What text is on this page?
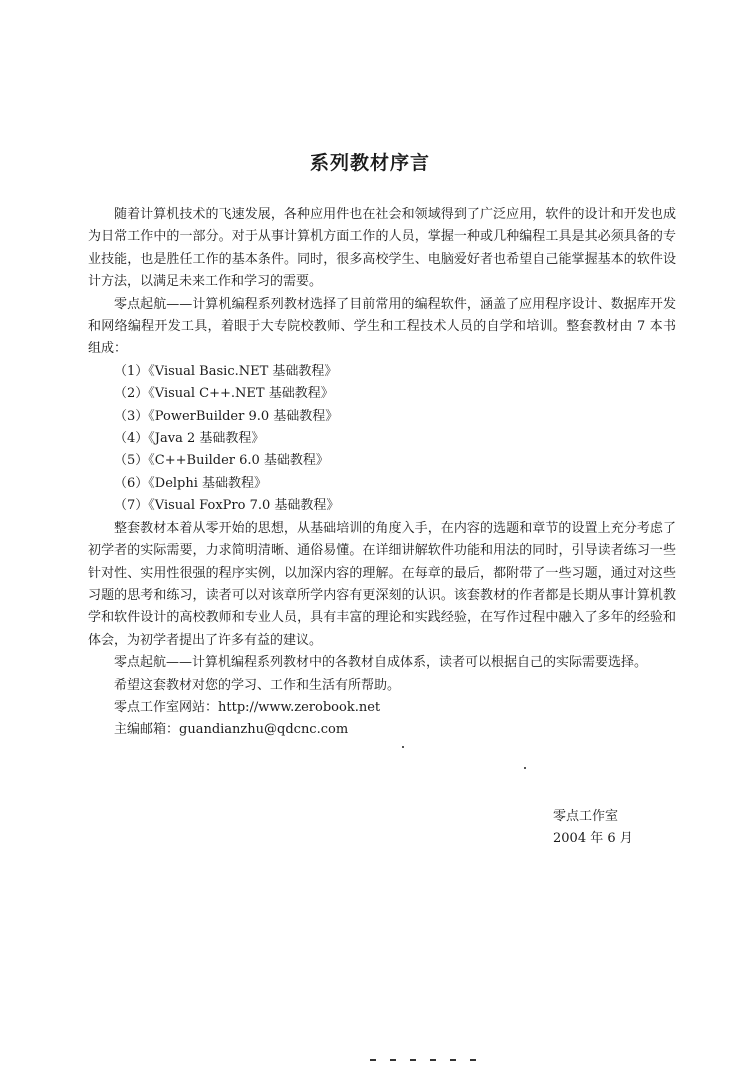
系列教材序言

随着计算机技术的飞速发展，各种应用件也在社会和领域得到了广泛应用，软件的设计和开发也成为日常工作中的一部分。对于从事计算机方面工作的人员，掌握一种或几种编程工具是其必须具备的专业技能，也是胜任工作的基本条件。同时，很多高校学生、电脑爱好者也希望自己能掌握基本的软件设计方法，以满足未来工作和学习的需要。

零点起航——计算机编程系列教材选择了目前常用的编程软件，涵盖了应用程序设计、数据库开发和网络编程开发工具，着眼于大专院校教师、学生和工程技术人员的自学和培训。整套教材由 7 本书组成：

（1）《Visual Basic.NET 基础教程》
（2）《Visual C++.NET 基础教程》
（3）《PowerBuilder 9.0 基础教程》
（4）《Java 2 基础教程》
（5）《C++Builder 6.0 基础教程》
（6）《Delphi 基础教程》
（7）《Visual FoxPro 7.0 基础教程》

整套教材本着从零开始的思想，从基础培训的角度入手，在内容的选题和章节的设置上充分考虑了初学者的实际需要，力求简明清晰、通俗易懂。在详细讲解软件功能和用法的同时，引导读者练习一些针对性、实用性很强的程序实例，以加深内容的理解。在每章的最后，都附带了一些习题，通过对这些习题的思考和练习，读者可以对该章所学内容有更深刻的认识。该套教材的作者都是长期从事计算机教学和软件设计的高校教师和专业人员，具有丰富的理论和实践经验，在写作过程中融入了多年的经验和体会，为初学者提出了许多有益的建议。

零点起航——计算机编程系列教材中的各教材自成体系，读者可以根据自己的实际需要选择。

希望这套教材对您的学习、工作和生活有所帮助。

零点工作室网站：http://www.zerobook.net

主编邮箱：guandianzhu@qdcnc.com

零点工作室
2004 年 6 月
